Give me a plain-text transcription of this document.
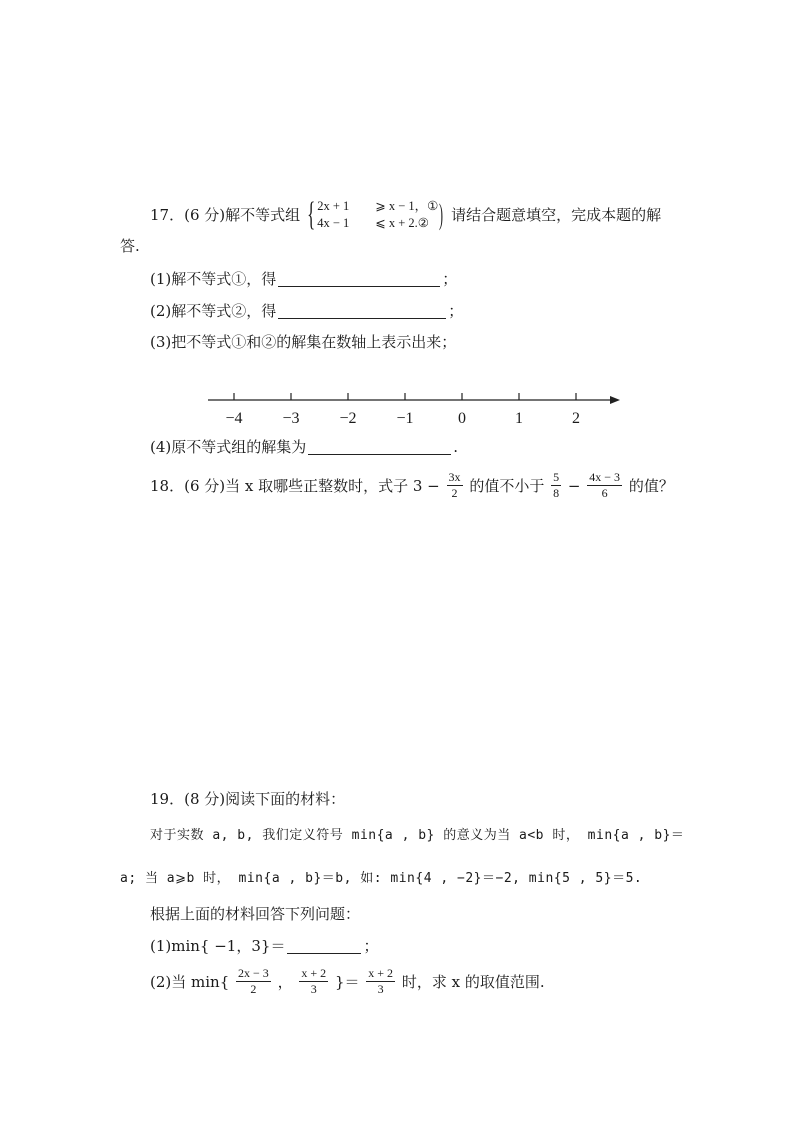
17．(6 分)解不等式组 { 2x + 1	⩾ x − 1，①
4x − 1	⩽ x + 2.② ) 请结合题意填空，完成本题的解
答.
(1)解不等式①，得	；
(2)解不等式②，得	；
(3)把不等式①和②的解集在数轴上表示出来；
−4 −3 −2 −1	0	1	2
(4)原不等式组的解集为	.
18．(6 分)当 x 取哪些正整数时，式子 $3 - \frac{3x}{2}$ 的值不小于 $\frac{5}{8} - \frac{4x - 3}{6}$ 的值？
19．(8 分)阅读下面的材料：
对于实数 a, b, 我们定义符号 min{a , b} 的意义为当 a<b 时， min{a , b}＝
a; 当 a⩾b 时， min{a , b}＝b, 如: min{4 , −2}＝−2, min{5 , 5}＝5.
根据上面的材料回答下列问题：
(1)min{ −1，3}＝	；
(2)当 $\min\{ \frac{2x - 3}{2}$ ， $\frac{x + 2}{3}$ }＝ $\frac{x + 2}{3}$ 时，求 x 的取值范围.
